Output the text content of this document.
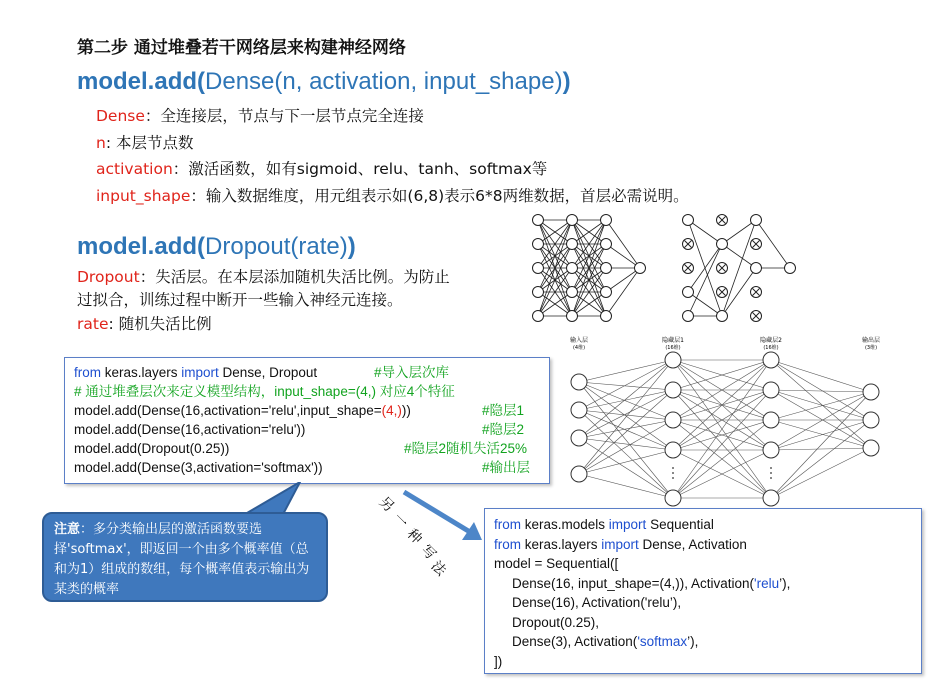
第二步 通过堆叠若干网络层来构建神经网络
model.add(Dense(n, activation, input_shape))
Dense：全连接层，节点与下一层节点完全连接
n: 本层节点数
activation：激活函数，如有sigmoid、relu、tanh、softmax等
input_shape：输入数据维度，用元组表示如(6,8)表示6*8两维数据，首层必需说明。
model.add(Dropout(rate))
Dropout：失活层。在本层添加随机失活比例。为防止
过拟合，训练过程中断开一些输入神经元连接。
rate: 随机失活比例
输入层
(4维)
隐藏层1
(16维)
隐藏层2
(16维)
输出层
(3维)
from keras.layers import Dense, Dropout	#导入层次库
# 通过堆叠层次来定义模型结构，input_shape=(4,) 对应4个特征
model.add(Dense(16,activation='relu',input_shape=(4,)))	#隐层1
model.add(Dense(16,activation='relu'))	#隐层2
model.add(Dropout(0.25))	#隐层2随机失活25%
model.add(Dense(3,activation='softmax'))	#输出层
注意：多分类输出层的激活函数要选择'softmax'，即返回一个由多个概率值（总和为1）组成的数组，每个概率值表示输出为某类的概率
另
一
种
写
法
from keras.models import Sequential
from keras.layers import Dense, Activation
model = Sequential([
Dense(16, input_shape=(4,)), Activation('relu’),
Dense(16), Activation('relu’),
Dropout(0.25),
Dense(3), Activation('softmax’),
])
